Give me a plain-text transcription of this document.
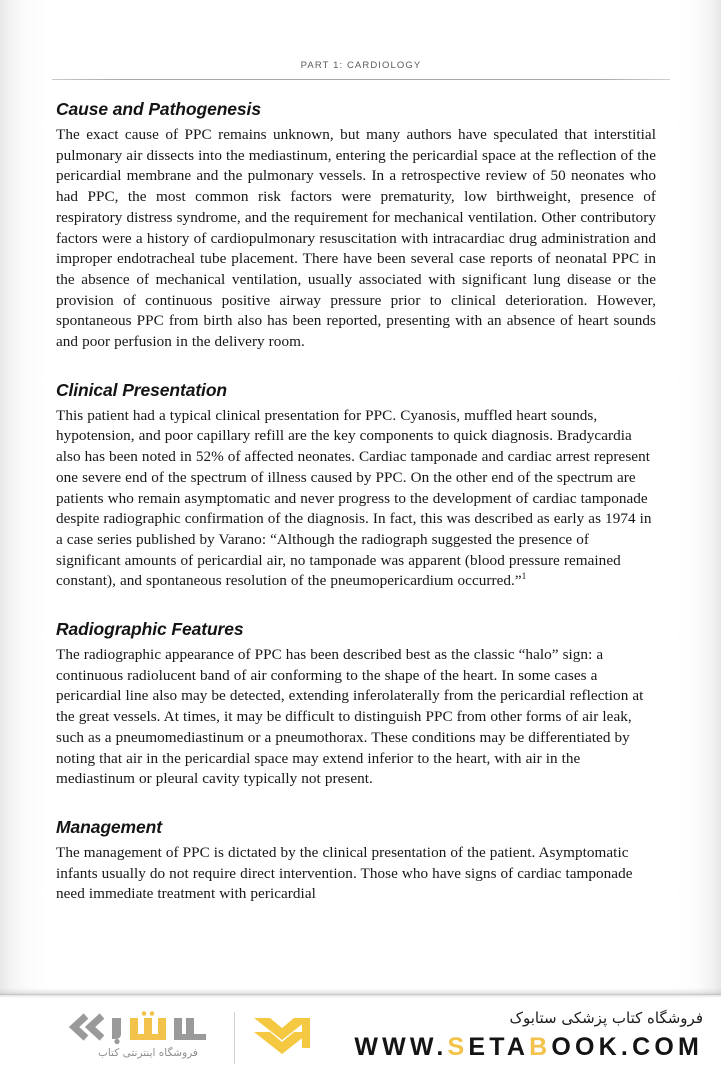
PART 1: CARDIOLOGY
Cause and Pathogenesis

The exact cause of PPC remains unknown, but many authors have speculated that interstitial pulmonary air dissects into the mediastinum, entering the pericardial space at the reflection of the pericardial membrane and the pulmonary vessels. In a retrospective review of 50 neonates who had PPC, the most common risk factors were prematurity, low birthweight, presence of respiratory distress syndrome, and the requirement for mechanical ventilation. Other contributory factors were a history of cardiopulmonary resuscitation with intracardiac drug administration and improper endotracheal tube placement. There have been several case reports of neonatal PPC in the absence of mechanical ventilation, usually associated with significant lung disease or the provision of continuous positive airway pressure prior to clinical deterioration. However, spontaneous PPC from birth also has been reported, presenting with an absence of heart sounds and poor perfusion in the delivery room.

Clinical Presentation

This patient had a typical clinical presentation for PPC. Cyanosis, muffled heart sounds, hypotension, and poor capillary refill are the key components to quick diagnosis. Bradycardia also has been noted in 52% of affected neonates. Cardiac tamponade and cardiac arrest represent one severe end of the spectrum of illness caused by PPC. On the other end of the spectrum are patients who remain asymptomatic and never progress to the development of cardiac tamponade despite radiographic confirmation of the diagnosis. In fact, this was described as early as 1974 in a case series published by Varano: “Although the radiograph suggested the presence of significant amounts of pericardial air, no tamponade was apparent (blood pressure remained constant), and spontaneous resolution of the pneumopericardium occurred.”$^1$

Radiographic Features

The radiographic appearance of PPC has been described best as the classic “halo” sign: a continuous radiolucent band of air conforming to the shape of the heart. In some cases a pericardial line also may be detected, extending inferolaterally from the pericardial reflection at the great vessels. At times, it may be difficult to distinguish PPC from other forms of air leak, such as a pneumomediastinum or a pneumothorax. These conditions may be differentiated by noting that air in the pericardial space may extend inferior to the heart, with air in the mediastinum or pleural cavity typically not present.

Management

The management of PPC is dictated by the clinical presentation of the patient. Asymptomatic infants usually do not require direct intervention. Those who have signs of cardiac tamponade need immediate treatment with pericardial

فروشگاه اینترنتی کتاب
فروشگاه کتاب پزشکی ستابوک
WWW.SETABOOK.COM
